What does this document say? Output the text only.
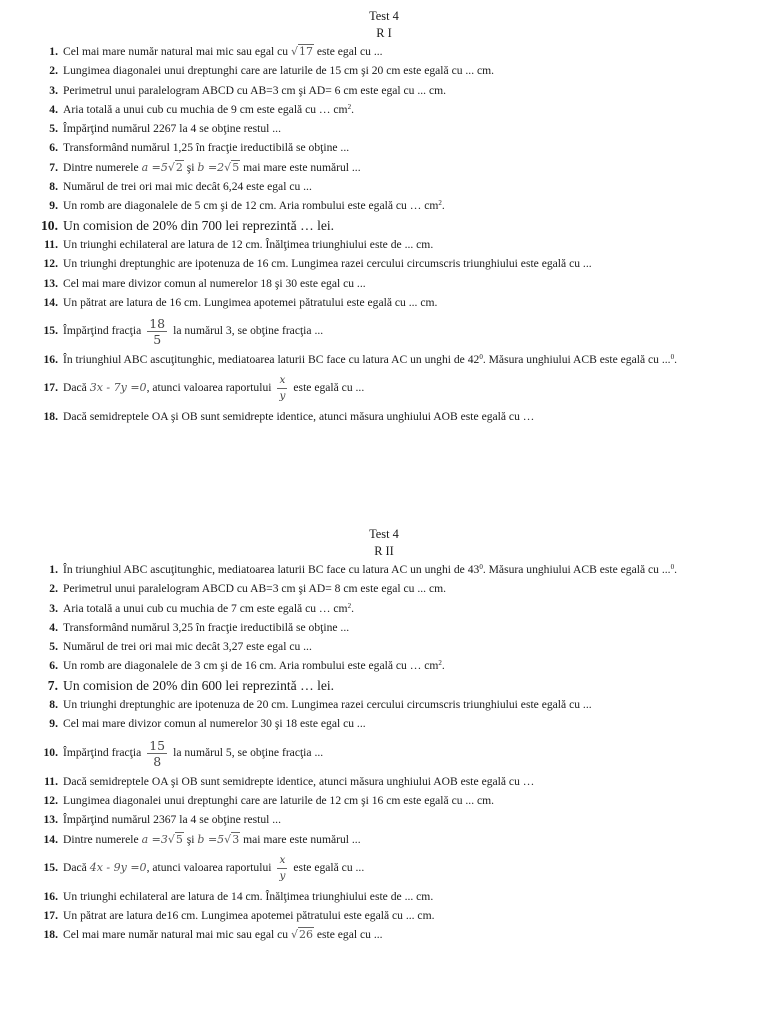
Test 4
R I
1. Cel mai mare număr natural mai mic sau egal cu √17 este egal cu ...
2. Lungimea diagonalei unui dreptunghi care are laturile de 15 cm şi 20 cm este egală cu ... cm.
3. Perimetrul unui paralelogram ABCD cu AB=3 cm şi AD= 6 cm este egal cu ... cm.
4. Aria totală a unui cub cu muchia de 9 cm este egală cu … $cm^2$.
5. Împărţind numărul 2267 la 4 se obţine restul ...
6. Transformând numărul 1,25 în fracţie ireductibilă se obţine ...
7. Dintre numerele a =5√2 şi b =2√5 mai mare este numărul ...
8. Numărul de trei ori mai mic decât 6,24 este egal cu ...
9. Un romb are diagonalele de 5 cm şi de 12 cm. Aria rombului este egală cu … $cm^2$.
10. Un comision de 20% din 700 lei reprezintă … lei.
11. Un triunghi echilateral are latura de 12 cm. Înălţimea triunghiului este de ... cm.
12. Un triunghi dreptunghic are ipotenuza de 16 cm. Lungimea razei cercului circumscris triunghiului este egală cu ...
13. Cel mai mare divizor comun al numerelor 18 şi 30 este egal cu ...
14. Un pătrat are latura de 16 cm. Lungimea apotemei pătratului este egală cu ... cm.
15. Împărţind fracţia $\frac{18}{5}$ la numărul 3, se obţine fracţia ...
16. În triunghiul ABC ascuţitunghic, mediatoarea laturii BC face cu latura AC un unghi de $42^0$. Măsura unghiului ACB este egală cu ...$^0$.
17. Dacă 3x - 7y =0, atunci valoarea raportului $\frac{x}{y}$ este egală cu ...
18. Dacă semidreptele OA şi OB sunt semidrepte identice, atunci măsura unghiului AOB este egală cu …
Test 4
R II
1. În triunghiul ABC ascuţitunghic, mediatoarea laturii BC face cu latura AC un unghi de $43^0$. Măsura unghiului ACB este egală cu ...$^0$.
2. Perimetrul unui paralelogram ABCD cu AB=3 cm şi AD= 8 cm este egal cu ... cm.
3. Aria totală a unui cub cu muchia de 7 cm este egală cu … $cm^2$.
4. Transformând numărul 3,25 în fracţie ireductibilă se obţine ...
5. Numărul de trei ori mai mic decât 3,27 este egal cu ...
6. Un romb are diagonalele de 3 cm şi de 16 cm. Aria rombului este egală cu … $cm^2$.
7. Un comision de 20% din 600 lei reprezintă … lei.
8. Un triunghi dreptunghic are ipotenuza de 20 cm. Lungimea razei cercului circumscris triunghiului este egală cu ...
9. Cel mai mare divizor comun al numerelor 30 şi 18 este egal cu ...
10. Împărţind fracţia $\frac{15}{8}$ la numărul 5, se obţine fracţia ...
11. Dacă semidreptele OA şi OB sunt semidrepte identice, atunci măsura unghiului AOB este egală cu …
12. Lungimea diagonalei unui dreptunghi care are laturile de 12 cm şi 16 cm este egală cu ... cm.
13. Împărţind numărul 2367 la 4 se obţine restul ...
14. Dintre numerele a =3√5 şi b =5√3 mai mare este numărul ...
15. Dacă 4x - 9y =0, atunci valoarea raportului $\frac{x}{y}$ este egală cu ...
16. Un triunghi echilateral are latura de 14 cm. Înălţimea triunghiului este de ... cm.
17. Un pătrat are latura de16 cm. Lungimea apotemei pătratului este egală cu ... cm.
18. Cel mai mare număr natural mai mic sau egal cu √26 este egal cu ...
